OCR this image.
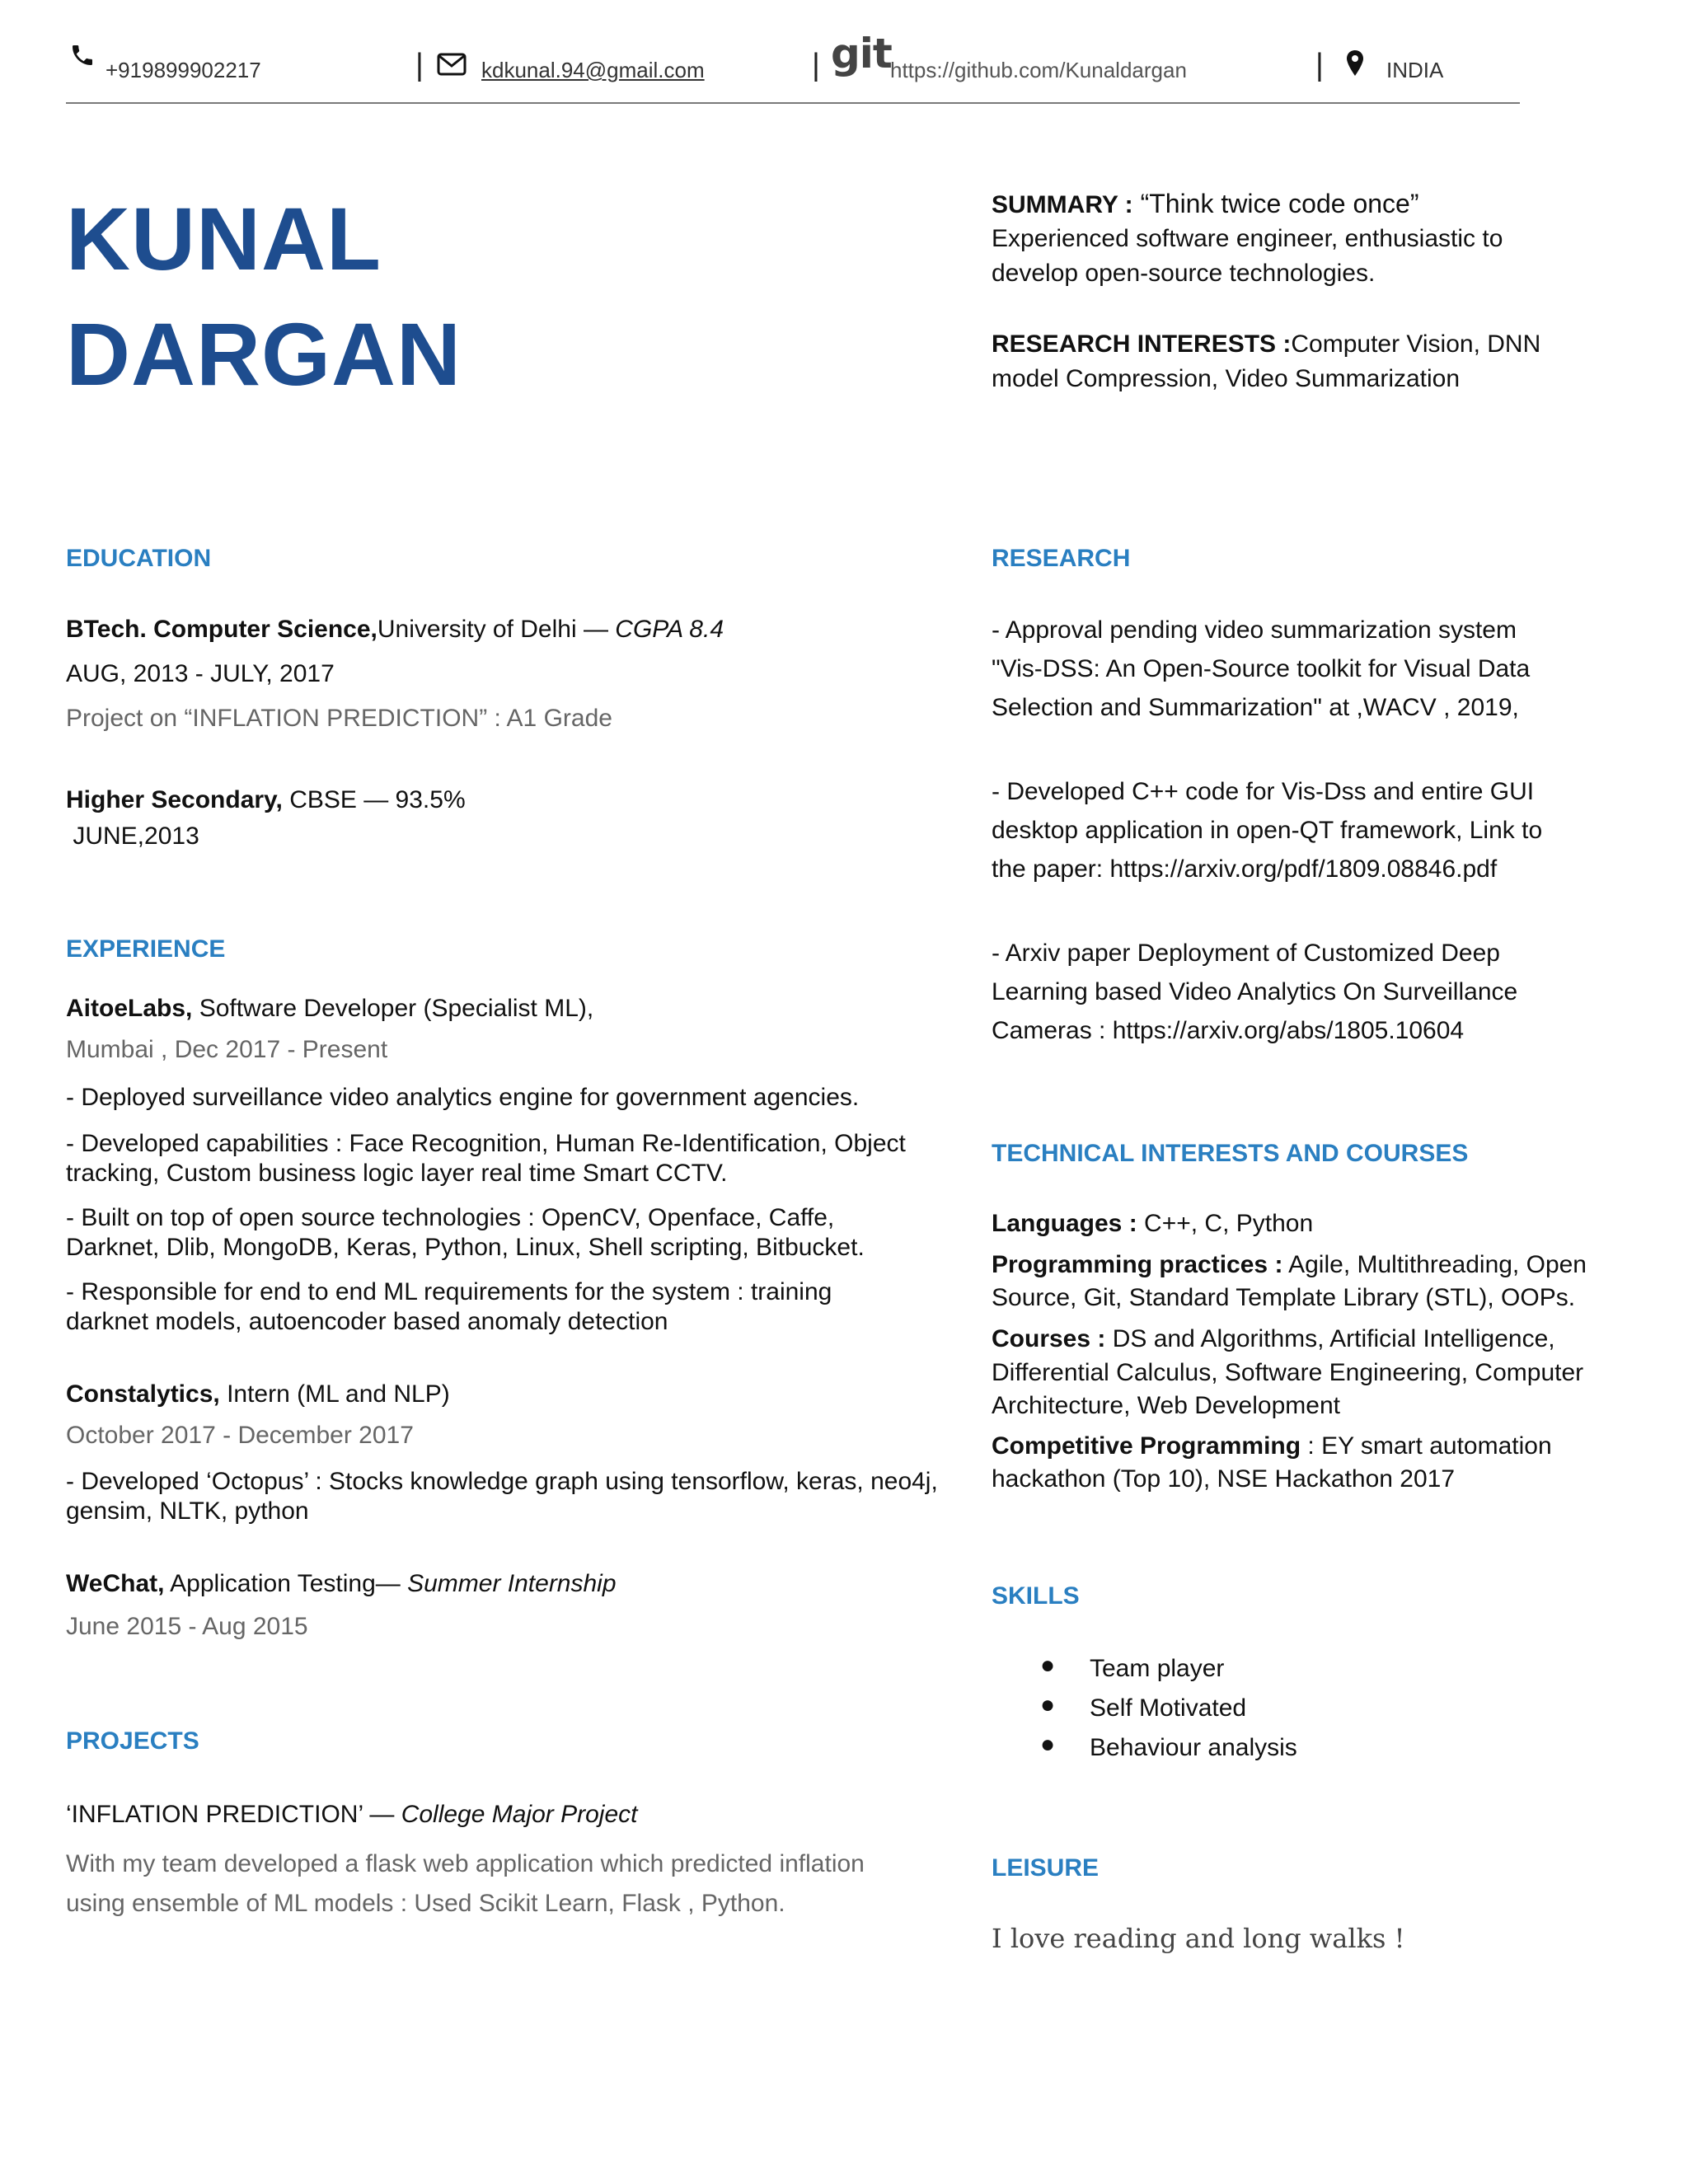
+919899902217	|	kdkunal.94@gmail.com	| git
https://github.com/Kunaldargan	|	INDIA
KUNAL
DARGAN
SUMMARY : “Think twice code once”
Experienced software engineer, enthusiastic to
develop open-source technologies.
RESEARCH INTERESTS :Computer Vision, DNN
model Compression, Video Summarization
EDUCATION
BTech. Computer Science,University of Delhi — CGPA 8.4
AUG, 2013 - JULY, 2017
Project on “INFLATION PREDICTION” : A1 Grade
Higher Secondary, CBSE — 93.5%
JUNE,2013
EXPERIENCE
AitoeLabs, Software Developer (Specialist ML),
Mumbai , Dec 2017 - Present
- Deployed surveillance video analytics engine for government agencies.
- Developed capabilities : Face Recognition, Human Re-Identification, Object
tracking, Custom business logic layer real time Smart CCTV.
- Built on top of open source technologies : OpenCV, Openface, Caffe,
Darknet, Dlib, MongoDB, Keras, Python, Linux, Shell scripting, Bitbucket.
- Responsible for end to end ML requirements for the system : training
darknet models, autoencoder based anomaly detection
Constalytics, Intern (ML and NLP)
October 2017 - December 2017
- Developed ‘Octopus’ : Stocks knowledge graph using tensorflow, keras, neo4j,
gensim, NLTK, python
WeChat, Application Testing— Summer Internship
June 2015 - Aug 2015
PROJECTS
‘INFLATION PREDICTION’ — College Major Project
With my team developed a flask web application which predicted inflation
using ensemble of ML models : Used Scikit Learn, Flask , Python.
RESEARCH
- Approval pending video summarization system
"Vis-DSS: An Open-Source toolkit for Visual Data
Selection and Summarization" at ,WACV , 2019,
- Developed C++ code for Vis-Dss and entire GUI
desktop application in open-QT framework, Link to
the paper: https://arxiv.org/pdf/1809.08846.pdf
- Arxiv paper Deployment of Customized Deep
Learning based Video Analytics On Surveillance
Cameras : https://arxiv.org/abs/1805.10604
TECHNICAL INTERESTS AND COURSES
Languages : C++, C, Python
Programming practices : Agile, Multithreading, Open
Source, Git, Standard Template Library (STL), OOPs.
Courses : DS and Algorithms, Artificial Intelligence,
Differential Calculus, Software Engineering, Computer
Architecture, Web Development
Competitive Programming : EY smart automation
hackathon (Top 10), NSE Hackathon 2017
SKILLS
● Team player
● Self Motivated
● Behaviour analysis
LEISURE
I love reading and long walks !
